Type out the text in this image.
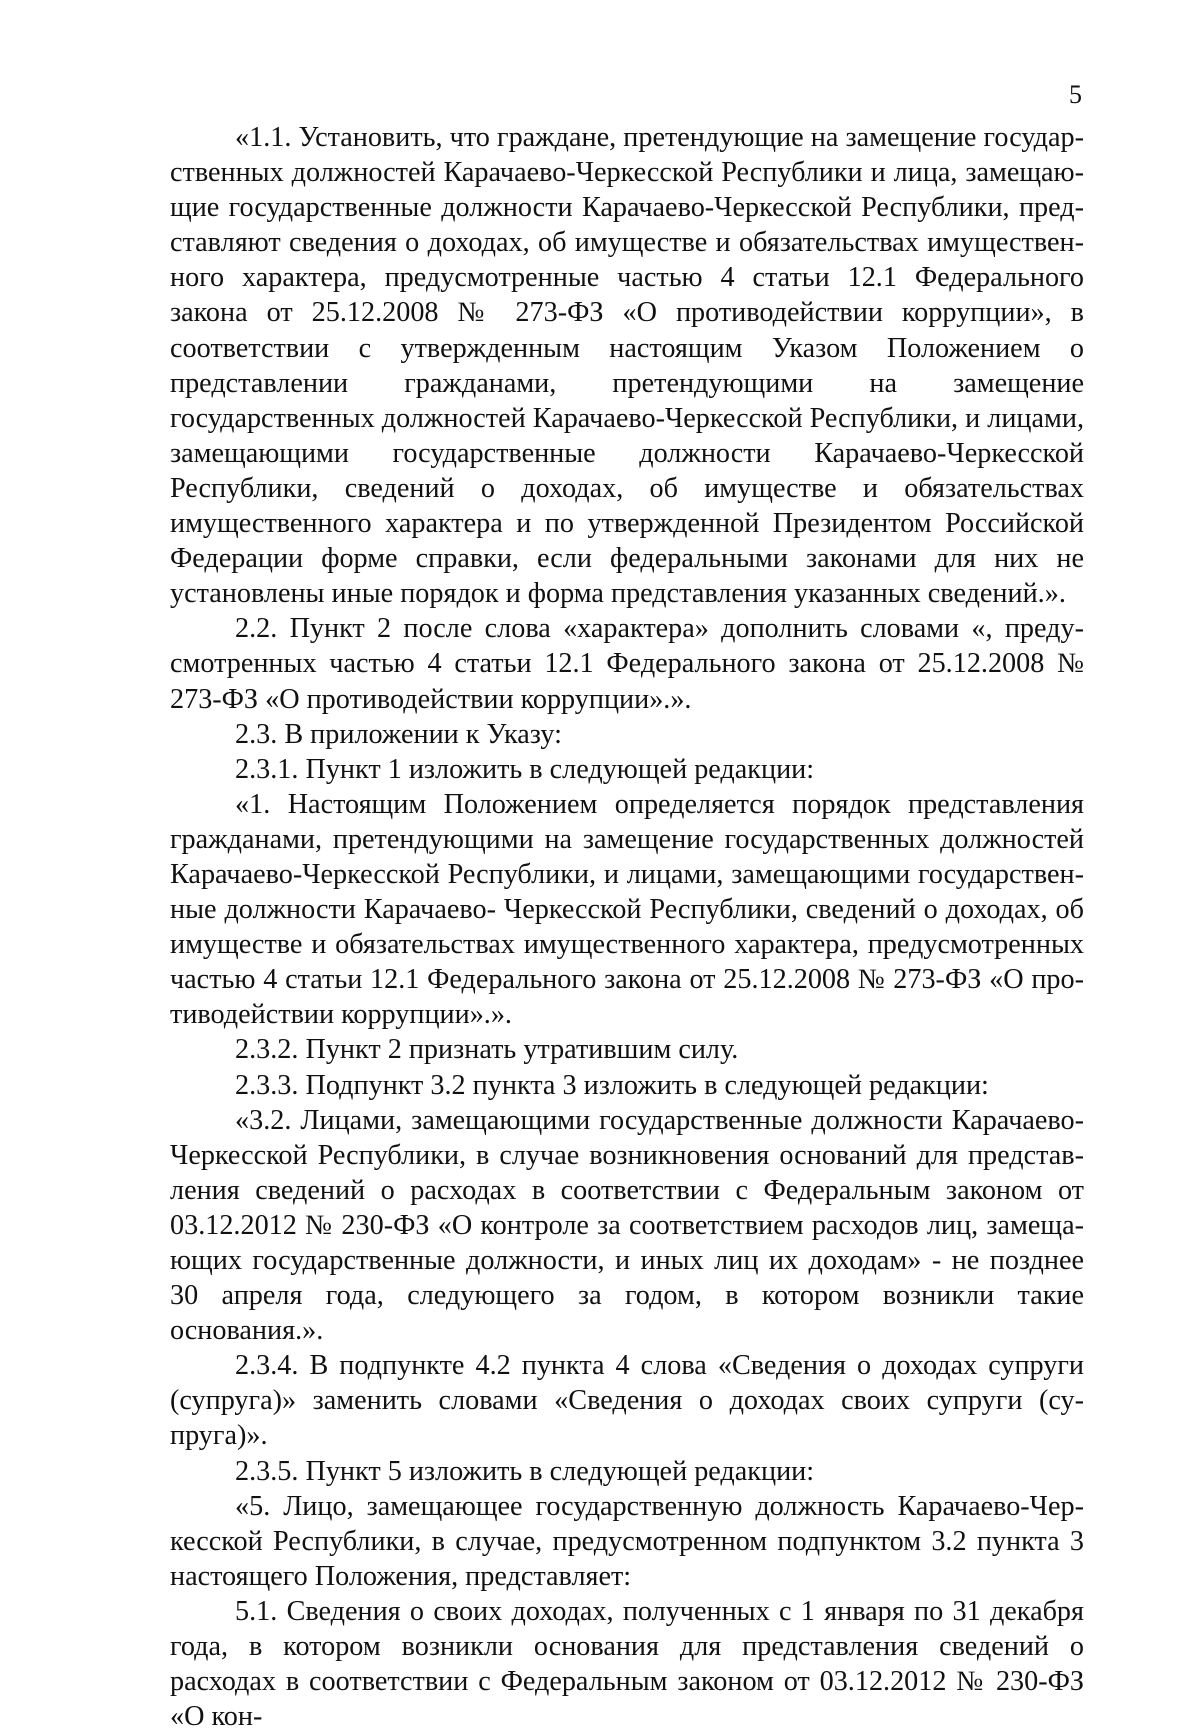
5

«1.1. Установить, что граждане, претендующие на замещение государственных должностей Карачаево-Черкесской Республики и лица, замещающие государственные должности Карачаево-Черкесской Республики, представляют сведения о доходах, об имуществе и обязательствах имущественного характера, предусмотренные частью 4 статьи 12.1 Федерального закона от 25.12.2008 № 273-ФЗ «О противодействии коррупции», в соответствии с утвержденным настоящим Указом Положением о представлении гражданами, претендующими на замещение государственных должностей Карачаево-Черкесской Республики, и лицами, замещающими государственные должности Карачаево-Черкесской Республики, сведений о доходах, об имуществе и обязательствах имущественного характера и по утвержденной Президентом Российской Федерации форме справки, если федеральными законами для них не установлены иные порядок и форма представления указанных сведений.».

2.2. Пункт 2 после слова «характера» дополнить словами «, предусмотренных частью 4 статьи 12.1 Федерального закона от 25.12.2008 № 273-ФЗ «О противодействии коррупции».».

2.3. В приложении к Указу:

2.3.1. Пункт 1 изложить в следующей редакции:

«1. Настоящим Положением определяется порядок представления гражданами, претендующими на замещение государственных должностей Карачаево-Черкесской Республики, и лицами, замещающими государственные должности Карачаево- Черкесской Республики, сведений о доходах, об имуществе и обязательствах имущественного характера, предусмотренных частью 4 статьи 12.1 Федерального закона от 25.12.2008 № 273-ФЗ «О противодействии коррупции».».

2.3.2. Пункт 2 признать утратившим силу.

2.3.3. Подпункт 3.2 пункта 3 изложить в следующей редакции:

«3.2. Лицами, замещающими государственные должности Карачаево-Черкесской Республики, в случае возникновения оснований для представления сведений о расходах в соответствии с Федеральным законом от 03.12.2012 № 230-ФЗ «О контроле за соответствием расходов лиц, замещающих государственные должности, и иных лиц их доходам» - не позднее 30 апреля года, следующего за годом, в котором возникли такие основания.».

2.3.4. В подпункте 4.2 пункта 4 слова «Сведения о доходах супруги (супруга)» заменить словами «Сведения о доходах своих супруги (супруга)».

2.3.5. Пункт 5 изложить в следующей редакции:

«5. Лицо, замещающее государственную должность Карачаево-Черкесской Республики, в случае, предусмотренном подпунктом 3.2 пункта 3 настоящего Положения, представляет:

5.1. Сведения о своих доходах, полученных с 1 января по 31 декабря года, в котором возникли основания для представления сведений о расходах в соответствии с Федеральным законом от 03.12.2012 № 230-ФЗ «О кон-
